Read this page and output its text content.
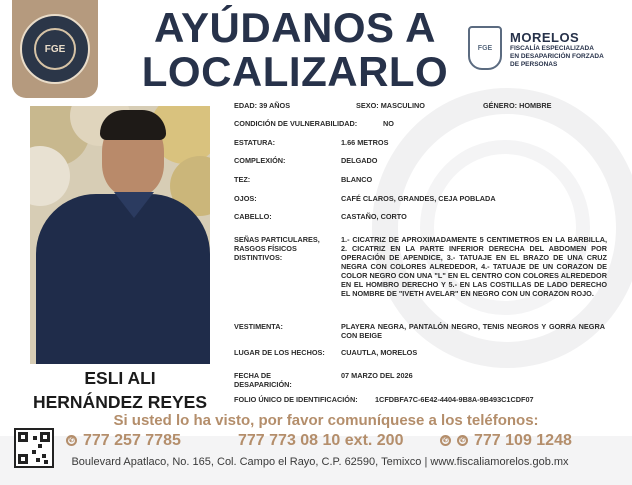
FGE	AYÚDANOS A
LOCALIZARLO	FGE
MORELOS
FISCALÍA ESPECIALIZADA
EN DESAPARICIÓN FORZADA
DE PERSONAS
ESLI ALI
HERNÁNDEZ REYES
EDAD: 39 AÑOS	SEXO: MASCULINO	GÉNERO: HOMBRE
CONDICIÓN DE VULNERABILIDAD:	NO
ESTATURA:	1.66 METROS
COMPLEXIÓN:	DELGADO
TEZ:	BLANCO
OJOS:	CAFÉ CLAROS, GRANDES, CEJA POBLADA
CABELLO:	CASTAÑO, CORTO
SEÑAS PARTICULARES, RASGOS FÍSICOS DISTINTIVOS:
1.- CICATRIZ DE APROXIMADAMENTE 5 CENTIMETROS EN LA BARBILLA, 2. CICATRIZ EN LA PARTE INFERIOR DERECHA DEL ABDOMEN POR OPERACIÓN DE APENDICE, 3.- TATUAJE EN EL BRAZO DE UNA CRUZ NEGRA CON COLORES ALREDEDOR, 4.- TATUAJE DE UN CORAZON DE COLOR NEGRO CON UNA "L" EN EL CENTRO CON COLORES ALREDEDOR EN EL HOMBRO DERECHO Y 5.- EN LAS COSTILLAS DE LADO DERECHO EL NOMBRE DE "IVETH AVELAR" EN NEGRO CON UN CORAZON ROJO.
VESTIMENTA:	PLAYERA NEGRA, PANTALÓN NEGRO, TENIS NEGROS Y GORRA NEGRA CON BEIGE
LUGAR DE LOS HECHOS: CUAUTLA, MORELOS
FECHA DE DESAPARICIÓN:
07 MARZO DEL 2026
FOLIO ÚNICO DE IDENTIFICACIÓN: 1CFDBFA7C-6E42-4404-9B8A-9B493C1CDF07
Si usted lo ha visto, por favor comuníquese a los teléfonos:
✆ 777 257 7785	777 773 08 10 ext. 200	✆ ✆ 777 109 1248
Boulevard Apatlaco, No. 165, Col. Campo el Rayo, C.P. 62590, Temixco | www.fiscaliamorelos.gob.mx
